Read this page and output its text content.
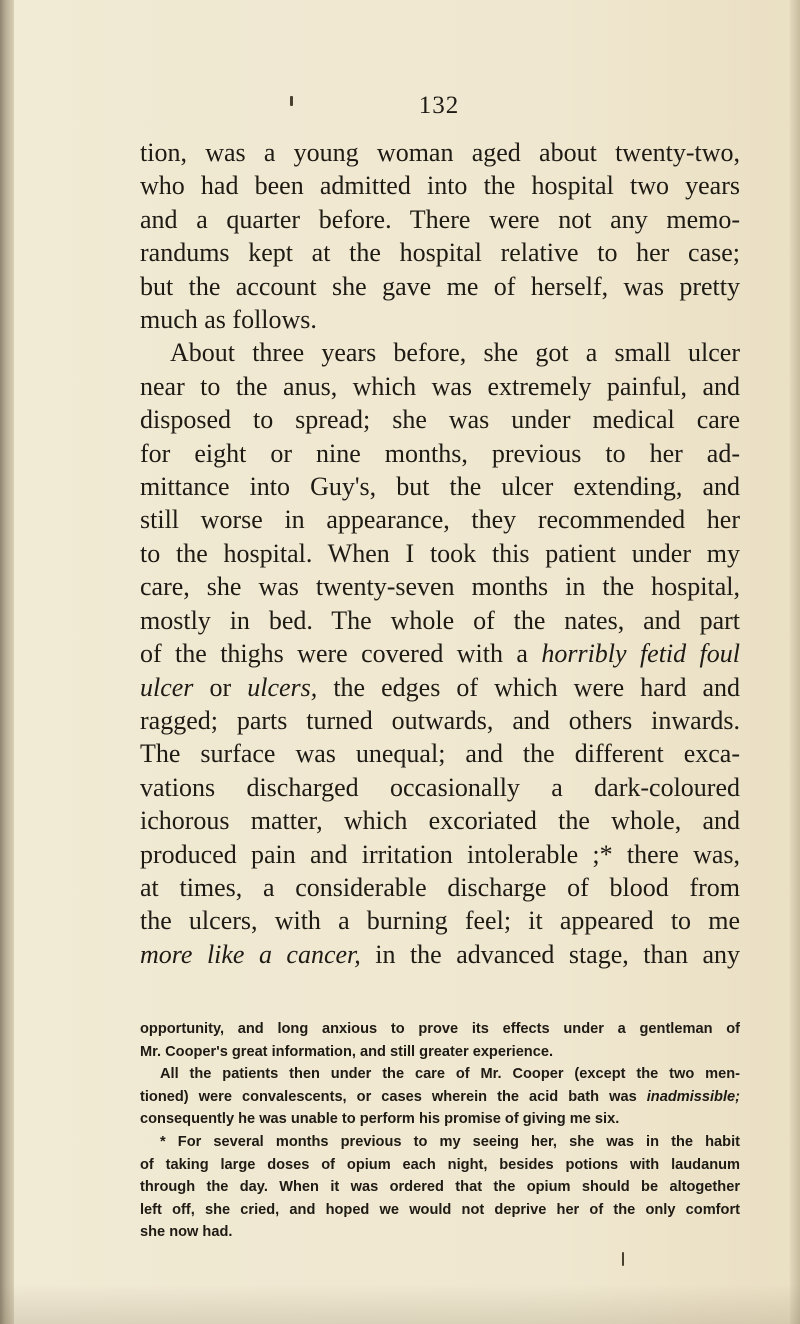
132

tion, was a young woman aged about twenty-two,
who had been admitted into the hospital two years
and a quarter before. There were not any memo-
randums kept at the hospital relative to her case;
but the account she gave me of herself, was pretty
much as follows.

About three years before, she got a small ulcer
near to the anus, which was extremely painful, and
disposed to spread; she was under medical care
for eight or nine months, previous to her ad-
mittance into Guy's, but the ulcer extending, and
still worse in appearance, they recommended her
to the hospital. When I took this patient under my
care, she was twenty-seven months in the hospital,
mostly in bed. The whole of the nates, and part
of the thighs were covered with a horribly fetid foul
ulcer or ulcers, the edges of which were hard and
ragged; parts turned outwards, and others inwards.
The surface was unequal; and the different exca-
vations discharged occasionally a dark-coloured
ichorous matter, which excoriated the whole, and
produced pain and irritation intolerable ;* there was,
at times, a considerable discharge of blood from
the ulcers, with a burning feel; it appeared to me
more like a cancer, in the advanced stage, than any

opportunity, and long anxious to prove its effects under a gentleman of
Mr. Cooper's great information, and still greater experience.
All the patients then under the care of Mr. Cooper (except the two men-
tioned) were convalescents, or cases wherein the acid bath was inadmissible;
consequently he was unable to perform his promise of giving me six.
* For several months previous to my seeing her, she was in the habit
of taking large doses of opium each night, besides potions with laudanum
through the day. When it was ordered that the opium should be altogether
left off, she cried, and hoped we would not deprive her of the only comfort
she now had.
